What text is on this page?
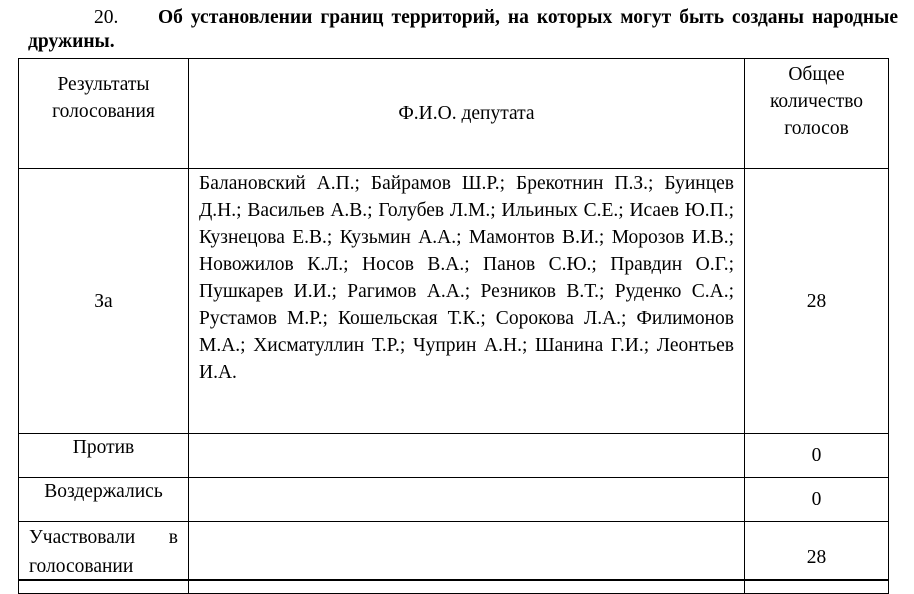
20. Об установлении границ территорий, на которых могут быть созданы народные дружины.

Результаты голосования	Ф.И.О. депутата	Общее количество голосов
За	Балановский А.П.; Байрамов Ш.Р.; Брекотнин П.З.; Буинцев Д.Н.; Васильев А.В.; Голубев Л.М.; Ильиных С.Е.; Исаев Ю.П.; Кузнецова Е.В.; Кузьмин А.А.; Мамонтов В.И.; Морозов И.В.; Новожилов К.Л.; Носов В.А.; Панов С.Ю.; Правдин О.Г.; Пушкарев И.И.; Рагимов А.А.; Резников В.Т.; Руденко С.А.; Рустамов М.Р.; Кошельская Т.К.; Сорокова Л.А.; Филимонов М.А.; Хисматуллин Т.Р.; Чуприн А.Н.; Шанина Г.И.; Леонтьев И.А.	28
Против		0
Воздержались		0
Участвовали в голосовании		28
